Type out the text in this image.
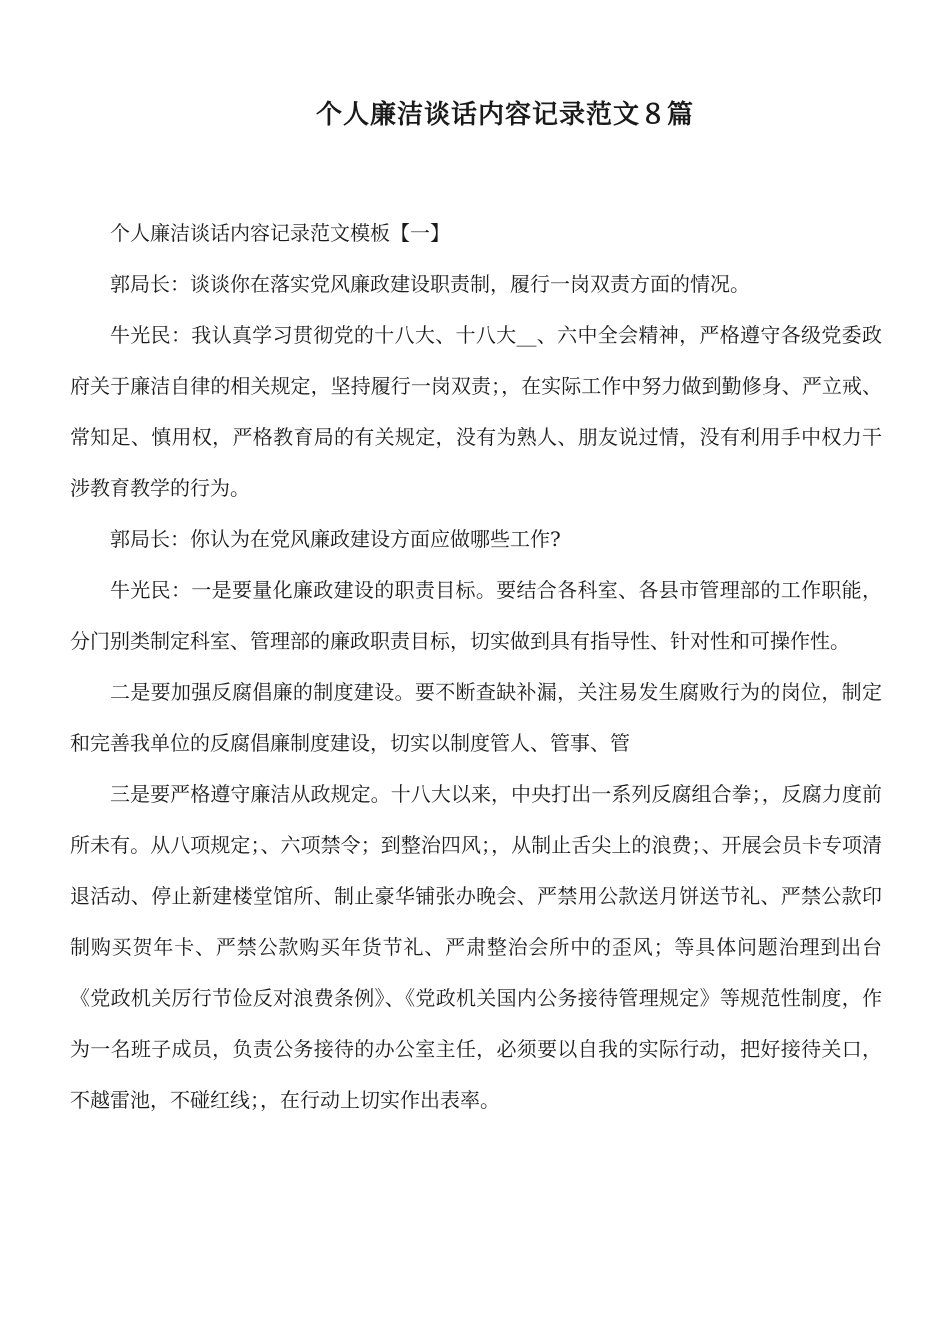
个人廉洁谈话内容记录范文８篇

个人廉洁谈话内容记录范文模板【一】

郭局长：谈谈你在落实党风廉政建设职责制，履行一岗双责方面的情况。

牛光民：我认真学习贯彻党的十八大、十八大__、六中全会精神，严格遵守各级党委政府关于廉洁自律的相关规定，坚持履行一岗双责；，在实际工作中努力做到勤修身、严立戒、常知足、慎用权，严格教育局的有关规定，没有为熟人、朋友说过情，没有利用手中权力干涉教育教学的行为。

郭局长：你认为在党风廉政建设方面应做哪些工作?

牛光民：一是要量化廉政建设的职责目标。要结合各科室、各县市管理部的工作职能，分门别类制定科室、管理部的廉政职责目标，切实做到具有指导性、针对性和可操作性。

二是要加强反腐倡廉的制度建设。要不断查缺补漏，关注易发生腐败行为的岗位，制定和完善我单位的反腐倡廉制度建设，切实以制度管人、管事、管

三是要严格遵守廉洁从政规定。十八大以来，中央打出一系列反腐组合拳；，反腐力度前所未有。从八项规定；、六项禁令；到整治四风；，从制止舌尖上的浪费；、开展会员卡专项清退活动、停止新建楼堂馆所、制止豪华铺张办晚会、严禁用公款送月饼送节礼、严禁公款印制购买贺年卡、严禁公款购买年货节礼、严肃整治会所中的歪风；等具体问题治理到出台《党政机关厉行节俭反对浪费条例》、《党政机关国内公务接待管理规定》等规范性制度，作为一名班子成员，负责公务接待的办公室主任，必须要以自我的实际行动，把好接待关口，不越雷池，不碰红线；，在行动上切实作出表率。
